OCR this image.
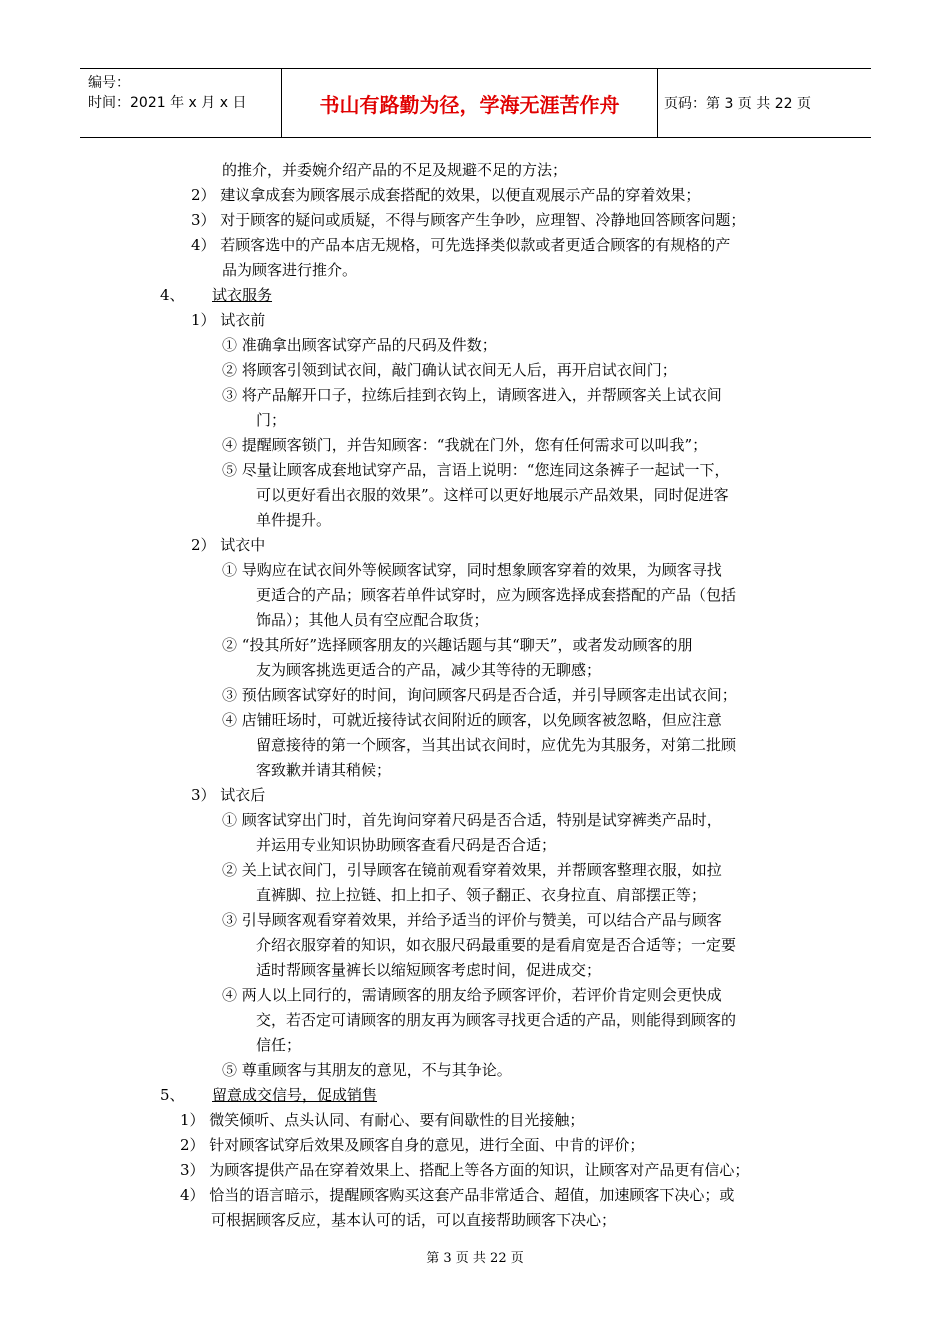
编号：
时间：2021 年 x 月 x 日	书山有路勤为径，学海无涯苦作舟	页码：第 3 页 共 22 页
的推介，并委婉介绍产品的不足及规避不足的方法；
2） 建议拿成套为顾客展示成套搭配的效果，以便直观展示产品的穿着效果；
3） 对于顾客的疑问或质疑，不得与顾客产生争吵，应理智、冷静地回答顾客问题；
4） 若顾客选中的产品本店无规格，可先选择类似款或者更适合顾客的有规格的产
品为顾客进行推介。
4、 试衣服务
1） 试衣前
① 准确拿出顾客试穿产品的尺码及件数；
② 将顾客引领到试衣间，敲门确认试衣间无人后，再开启试衣间门；
③ 将产品解开口子，拉练后挂到衣钩上，请顾客进入，并帮顾客关上试衣间
门；
④ 提醒顾客锁门，并告知顾客：“我就在门外，您有任何需求可以叫我”；
⑤ 尽量让顾客成套地试穿产品，言语上说明：“您连同这条裤子一起试一下，
可以更好看出衣服的效果”。这样可以更好地展示产品效果，同时促进客
单件提升。
2） 试衣中
① 导购应在试衣间外等候顾客试穿，同时想象顾客穿着的效果，为顾客寻找
更适合的产品；顾客若单件试穿时，应为顾客选择成套搭配的产品（包括
饰品）；其他人员有空应配合取货；
② “投其所好”选择顾客朋友的兴趣话题与其“聊天”，或者发动顾客的朋
友为顾客挑选更适合的产品，减少其等待的无聊感；
③ 预估顾客试穿好的时间，询问顾客尺码是否合适，并引导顾客走出试衣间；
④ 店铺旺场时，可就近接待试衣间附近的顾客，以免顾客被忽略，但应注意
留意接待的第一个顾客，当其出试衣间时，应优先为其服务，对第二批顾
客致歉并请其稍候；
3） 试衣后
① 顾客试穿出门时，首先询问穿着尺码是否合适，特别是试穿裤类产品时，
并运用专业知识协助顾客查看尺码是否合适；
② 关上试衣间门，引导顾客在镜前观看穿着效果，并帮顾客整理衣服，如拉
直裤脚、拉上拉链、扣上扣子、领子翻正、衣身拉直、肩部摆正等；
③ 引导顾客观看穿着效果，并给予适当的评价与赞美，可以结合产品与顾客
介绍衣服穿着的知识，如衣服尺码最重要的是看肩宽是否合适等；一定要
适时帮顾客量裤长以缩短顾客考虑时间，促进成交；
④ 两人以上同行的，需请顾客的朋友给予顾客评价，若评价肯定则会更快成
交，若否定可请顾客的朋友再为顾客寻找更合适的产品，则能得到顾客的
信任；
⑤ 尊重顾客与其朋友的意见，不与其争论。
5、 留意成交信号，促成销售
1） 微笑倾听、点头认同、有耐心、要有间歇性的目光接触；
2） 针对顾客试穿后效果及顾客自身的意见，进行全面、中肯的评价；
3） 为顾客提供产品在穿着效果上、搭配上等各方面的知识，让顾客对产品更有信心；
4） 恰当的语言暗示，提醒顾客购买这套产品非常适合、超值，加速顾客下决心；或
可根据顾客反应，基本认可的话，可以直接帮助顾客下决心；
第 3 页 共 22 页
